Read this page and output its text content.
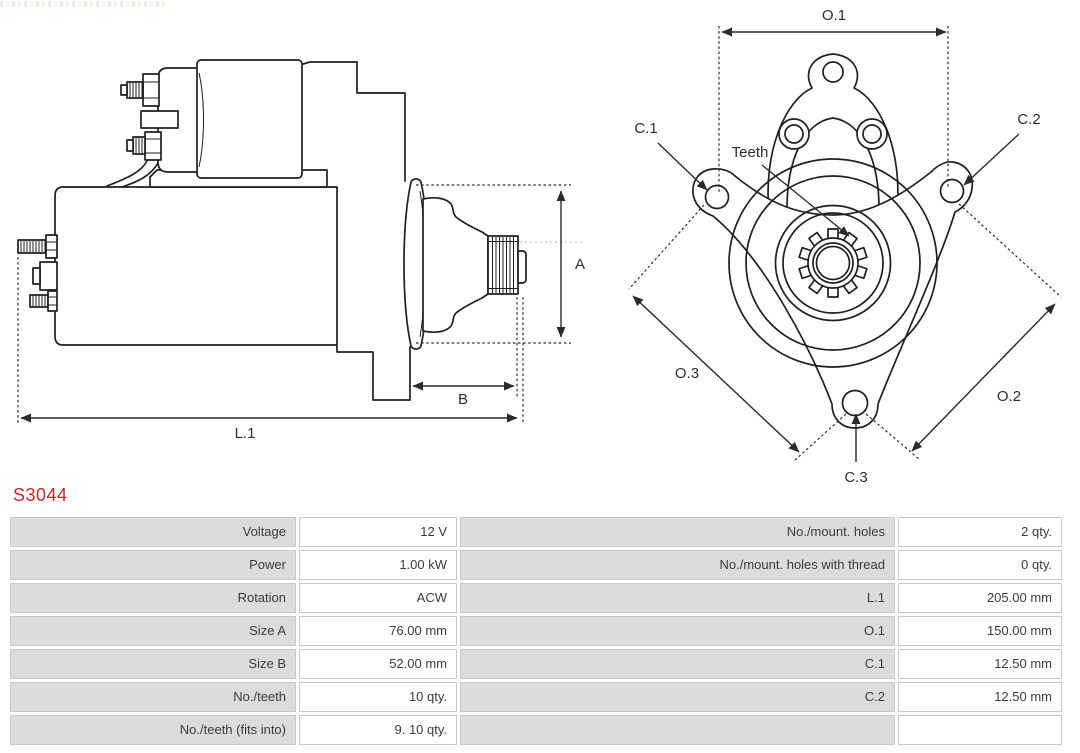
A
B
L.1
O.1
C.1
C.2
Teeth
C.3
O.3
O.2
S3044
Voltage	12 V	No./mount. holes	2 qty.
Power	1.00 kW	No./mount. holes with thread	0 qty.
Rotation	ACW	L.1	205.00 mm
Size A	76.00 mm	O.1	150.00 mm
Size B	52.00 mm	C.1	12.50 mm
No./teeth	10 qty.	C.2	12.50 mm
No./teeth (fits into)	9. 10 qty.
